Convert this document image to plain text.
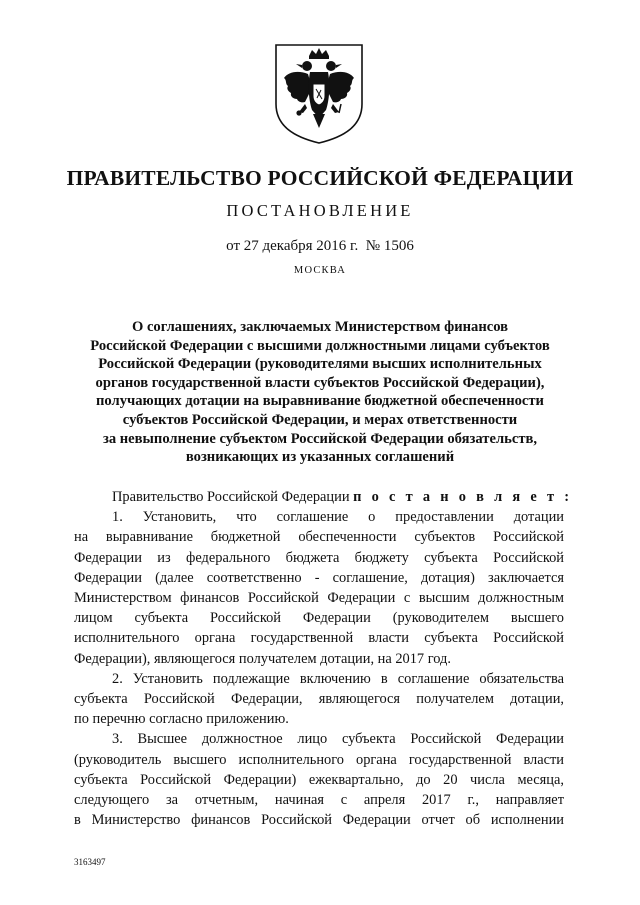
ПРАВИТЕЛЬСТВО РОССИЙСКОЙ ФЕДЕРАЦИИ
ПОСТАНОВЛЕНИЕ
от 27 декабря 2016 г. № 1506
МОСКВА
О соглашениях, заключаемых Министерством финансов
Российской Федерации с высшими должностными лицами субъектов
Российской Федерации (руководителями высших исполнительных
органов государственной власти субъектов Российской Федерации),
получающих дотации на выравнивание бюджетной обеспеченности
субъектов Российской Федерации, и мерах ответственности
за невыполнение субъектом Российской Федерации обязательств,
возникающих из указанных соглашений
Правительство Российской Федерации п о с т а н о в л я е т :
1. Установить, что соглашение о предоставлении дотации
на выравнивание бюджетной обеспеченности субъектов Российской
Федерации из федерального бюджета бюджету субъекта Российской
Федерации (далее соответственно - соглашение, дотация) заключается
Министерством финансов Российской Федерации с высшим должностным
лицом субъекта Российской Федерации (руководителем высшего
исполнительного органа государственной власти субъекта Российской
Федерации), являющегося получателем дотации, на 2017 год.
2. Установить подлежащие включению в соглашение обязательства
субъекта Российской Федерации, являющегося получателем дотации,
по перечню согласно приложению.
3. Высшее должностное лицо субъекта Российской Федерации
(руководитель высшего исполнительного органа государственной власти
субъекта Российской Федерации) ежеквартально, до 20 числа месяца,
следующего за отчетным, начиная с апреля 2017 г., направляет
в Министерство финансов Российской Федерации отчет об исполнении
3163497
